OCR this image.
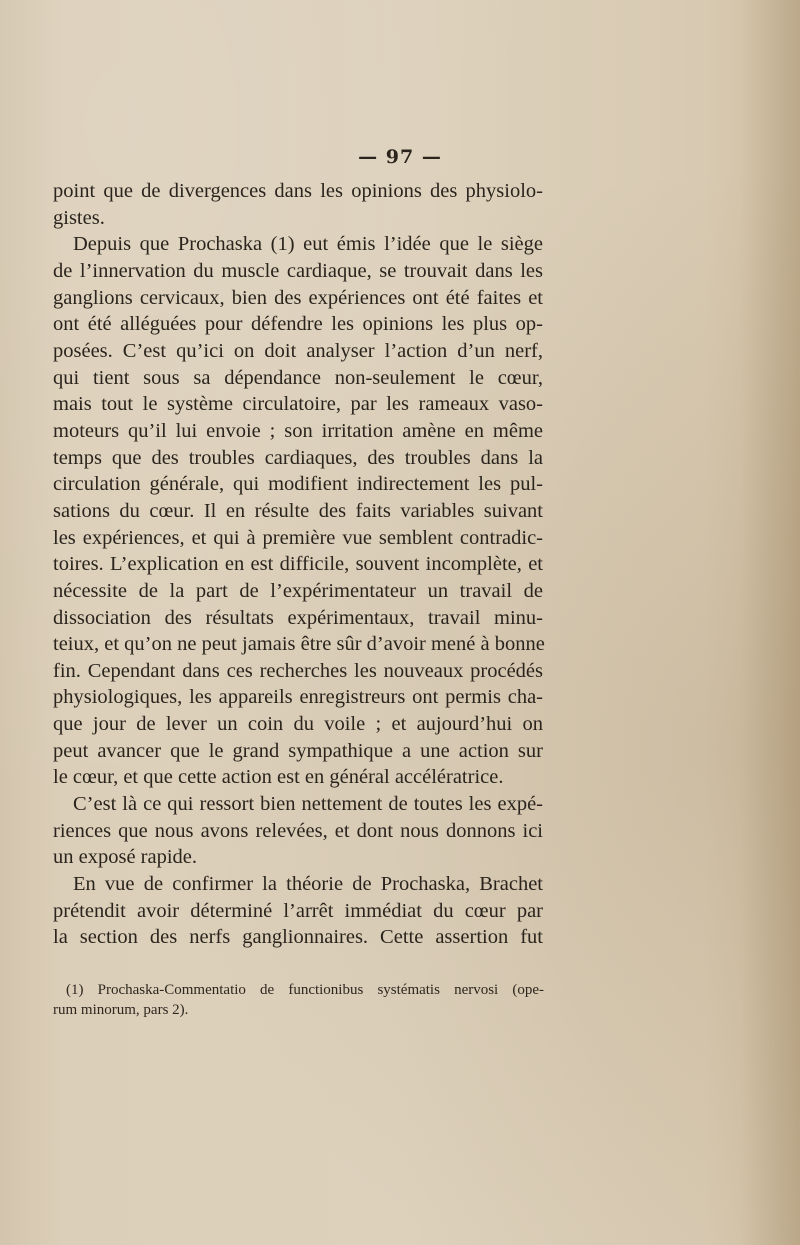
— 97 —
point que de divergences dans les opinions des physiolo-
gistes.
Depuis que Prochaska (1) eut émis l’idée que le siège
de l’innervation du muscle cardiaque, se trouvait dans les
ganglions cervicaux, bien des expériences ont été faites et
ont été alléguées pour défendre les opinions les plus op-
posées. C’est qu’ici on doit analyser l’action d’un nerf,
qui tient sous sa dépendance non-seulement le cœur,
mais tout le système circulatoire, par les rameaux vaso-
moteurs qu’il lui envoie ; son irritation amène en même
temps que des troubles cardiaques, des troubles dans la
circulation générale, qui modifient indirectement les pul-
sations du cœur. Il en résulte des faits variables suivant
les expériences, et qui à première vue semblent contradic-
toires. L’explication en est difficile, souvent incomplète, et
nécessite de la part de l’expérimentateur un travail de
dissociation des résultats expérimentaux, travail minu-
teiux, et qu’on ne peut jamais être sûr d’avoir mené à bonne
fin. Cependant dans ces recherches les nouveaux procédés
physiologiques, les appareils enregistreurs ont permis cha-
que jour de lever un coin du voile ; et aujourd’hui on
peut avancer que le grand sympathique a une action sur
le cœur, et que cette action est en général accélératrice.
C’est là ce qui ressort bien nettement de toutes les expé-
riences que nous avons relevées, et dont nous donnons ici
un exposé rapide.
En vue de confirmer la théorie de Prochaska, Brachet
prétendit avoir déterminé l’arrêt immédiat du cœur par
la section des nerfs ganglionnaires. Cette assertion fut
(1) Prochaska-Commentatio de functionibus systématis nervosi (ope-
rum minorum, pars 2).
